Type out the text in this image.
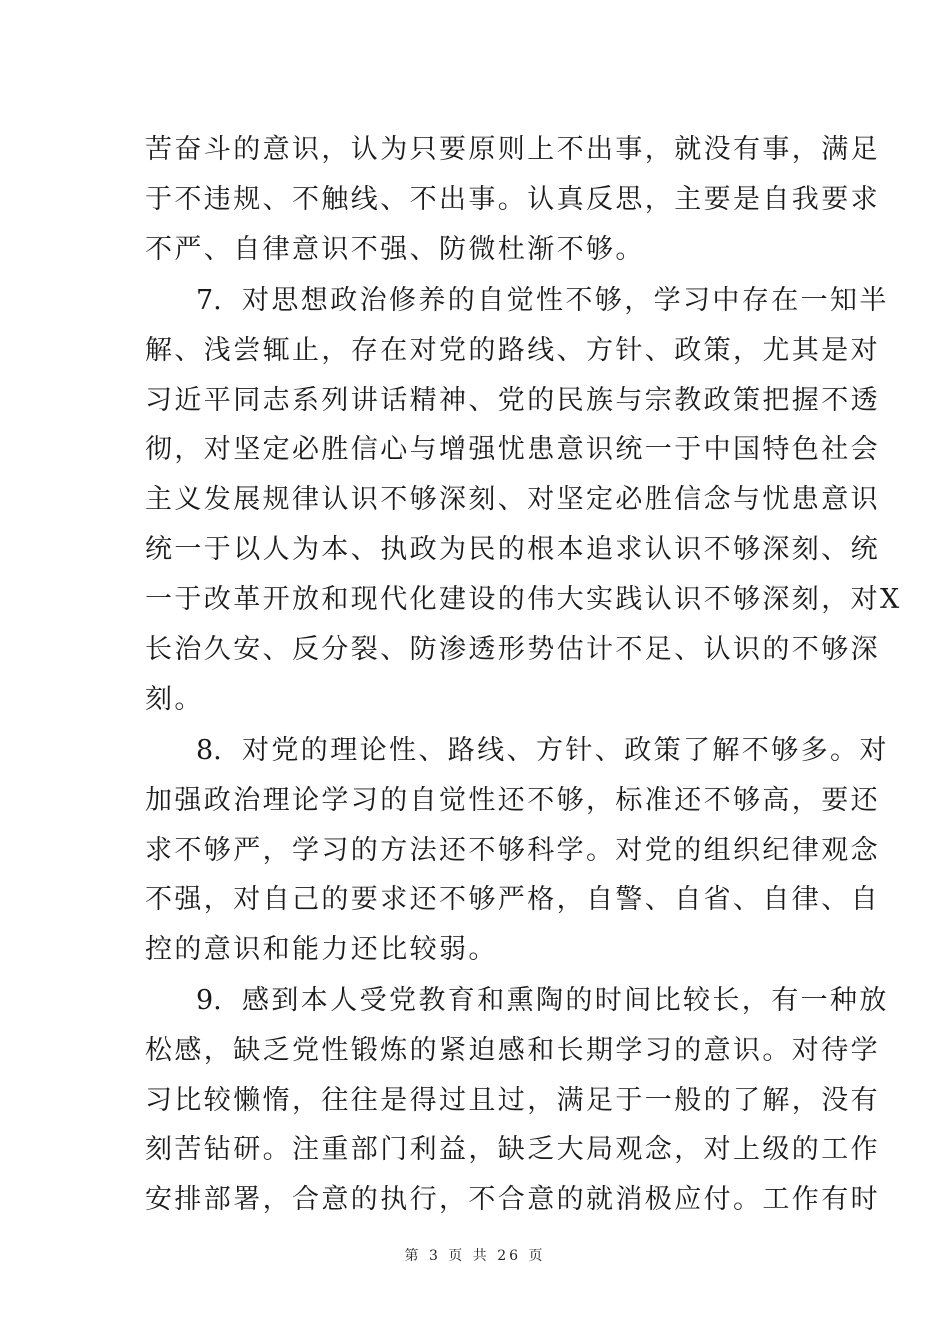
苦奋斗的意识，认为只要原则上不出事，就没有事，满足
于不违规、不触线、不出事。认真反思，主要是自我要求
不严、自律意识不强、防微杜渐不够。
7. 对思想政治修养的自觉性不够，学习中存在一知半
解、浅尝辄止，存在对党的路线、方针、政策，尤其是对
习近平同志系列讲话精神、党的民族与宗教政策把握不透
彻，对坚定必胜信心与增强忧患意识统一于中国特色社会
主义发展规律认识不够深刻、对坚定必胜信念与忧患意识
统一于以人为本、执政为民的根本追求认识不够深刻、统
一于改革开放和现代化建设的伟大实践认识不够深刻，对X
长治久安、反分裂、防渗透形势估计不足、认识的不够深
刻。
8. 对党的理论性、路线、方针、政策了解不够多。对
加强政治理论学习的自觉性还不够，标准还不够高，要还
求不够严，学习的方法还不够科学。对党的组织纪律观念
不强，对自己的要求还不够严格，自警、自省、自律、自
控的意识和能力还比较弱。
9. 感到本人受党教育和熏陶的时间比较长，有一种放
松感，缺乏党性锻炼的紧迫感和长期学习的意识。对待学
习比较懒惰，往往是得过且过，满足于一般的了解，没有
刻苦钻研。注重部门利益，缺乏大局观念，对上级的工作
安排部署，合意的执行，不合意的就消极应付。工作有时
第 3 页 共 26 页
